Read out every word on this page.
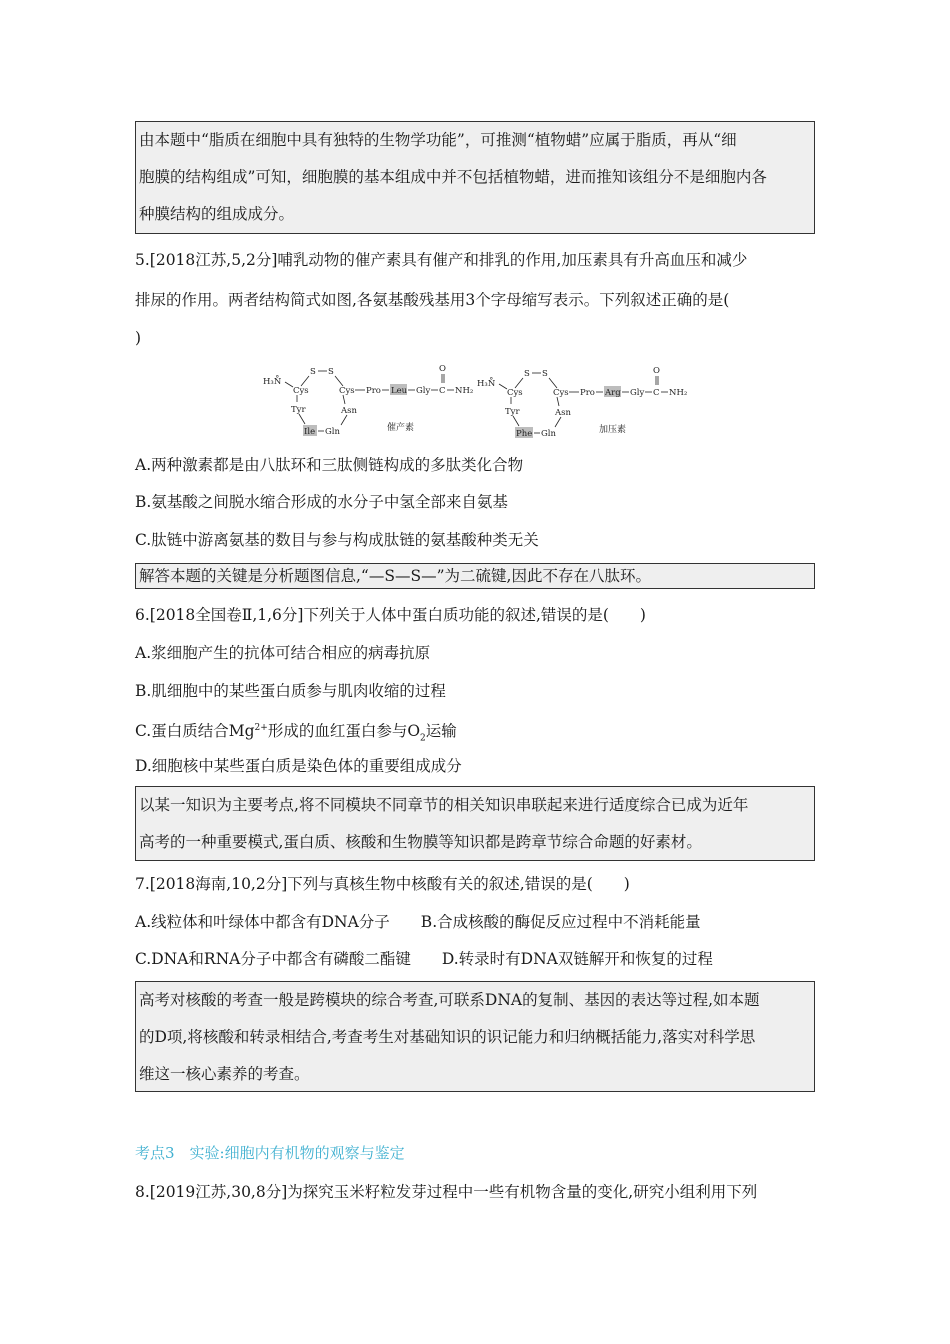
由本题中“脂质在细胞中具有独特的生物学功能”，可推测“植物蜡”应属于脂质，再从“细
胞膜的结构组成”可知，细胞膜的基本组成中并不包括植物蜡，进而推知该组分不是细胞内各
种膜结构的组成成分。
5.[2018江苏,5,2分]哺乳动物的催产素具有催产和排乳的作用,加压素具有升高血压和减少
排尿的作用。两者结构简式如图,各氨基酸残基用3个字母缩写表示。下列叙述正确的是(
)
H₃N̊
Cys
S S
Cys Pro Leu Gly C
O
NH₂
Tyr
Ile Gln
Asn
催产素
H₃N̊
Cys
S S
Cys Pro Arg Gly C
O
NH₂
Tyr
Phe Gln
Asn
加压素
A.两种激素都是由八肽环和三肽侧链构成的多肽类化合物
B.氨基酸之间脱水缩合形成的水分子中氢全部来自氨基
C.肽链中游离氨基的数目与参与构成肽链的氨基酸种类无关
解答本题的关键是分析题图信息,“—S—S—”为二硫键,因此不存在八肽环。
6.[2018全国卷Ⅱ,1,6分]下列关于人体中蛋白质功能的叙述,错误的是(　　)
A.浆细胞产生的抗体可结合相应的病毒抗原
B.肌细胞中的某些蛋白质参与肌肉收缩的过程
C.蛋白质结合$Mg^{2+}$形成的血红蛋白参与$O_2$运输
D.细胞核中某些蛋白质是染色体的重要组成成分
以某一知识为主要考点,将不同模块不同章节的相关知识串联起来进行适度综合已成为近年
高考的一种重要模式,蛋白质、核酸和生物膜等知识都是跨章节综合命题的好素材。
7.[2018海南,10,2分]下列与真核生物中核酸有关的叙述,错误的是(　　)
A.线粒体和叶绿体中都含有DNA分子　　B.合成核酸的酶促反应过程中不消耗能量
C.DNA和RNA分子中都含有磷酸二酯键　　D.转录时有DNA双链解开和恢复的过程
高考对核酸的考查一般是跨模块的综合考查,可联系DNA的复制、基因的表达等过程,如本题
的D项,将核酸和转录相结合,考查考生对基础知识的识记能力和归纳概括能力,落实对科学思
维这一核心素养的考查。
考点3　实验:细胞内有机物的观察与鉴定
8.[2019江苏,30,8分]为探究玉米籽粒发芽过程中一些有机物含量的变化,研究小组利用下列
